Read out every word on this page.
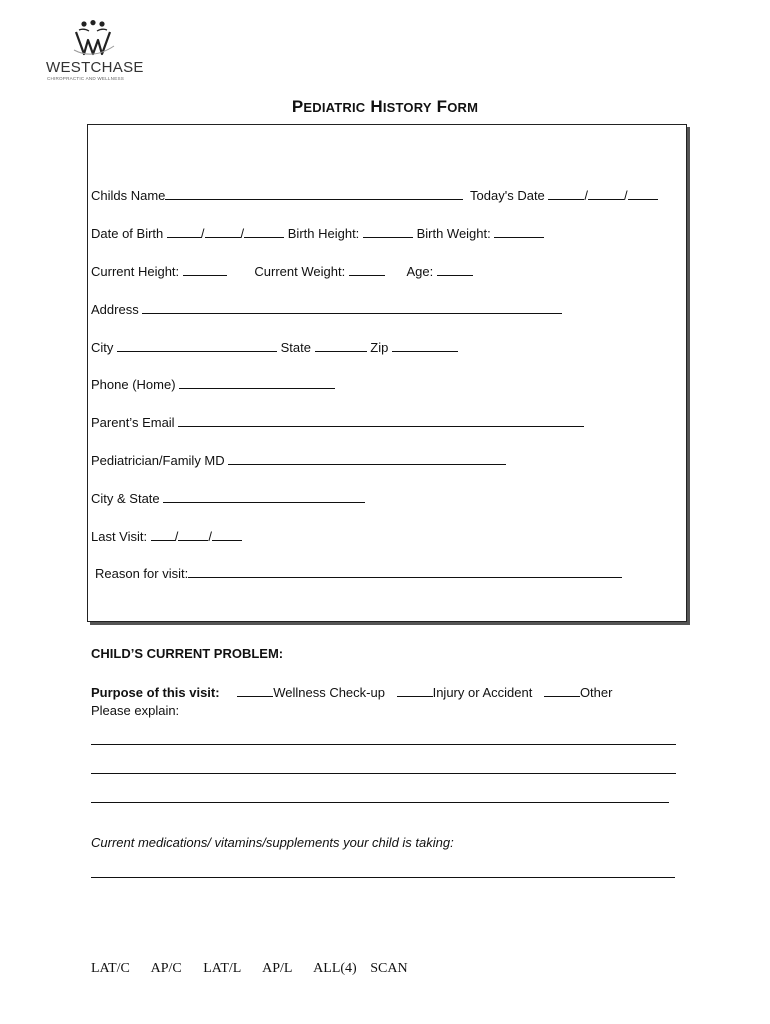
WESTCHASE
CHIROPRACTIC AND WELLNESS
PEDIATRIC HISTORY FORM
Childs Name	Today's Date	/	/
Date of Birth	/	/	Birth Height:	Birth Weight:
Current Height:	Current Weight:	Age:
Address
City	State	Zip
Phone (Home)
Parent’s Email
Pediatrician/Family MD
City & State
Last Visit: / /
Reason for visit:
CHILD’S CURRENT PROBLEM:
Purpose of this visit:	Wellness Check-up	Injury or Accident	Other
Please explain:
Current medications/ vitamins/supplements your child is taking:
LAT/C AP/C LAT/L AP/L ALL(4) SCAN
